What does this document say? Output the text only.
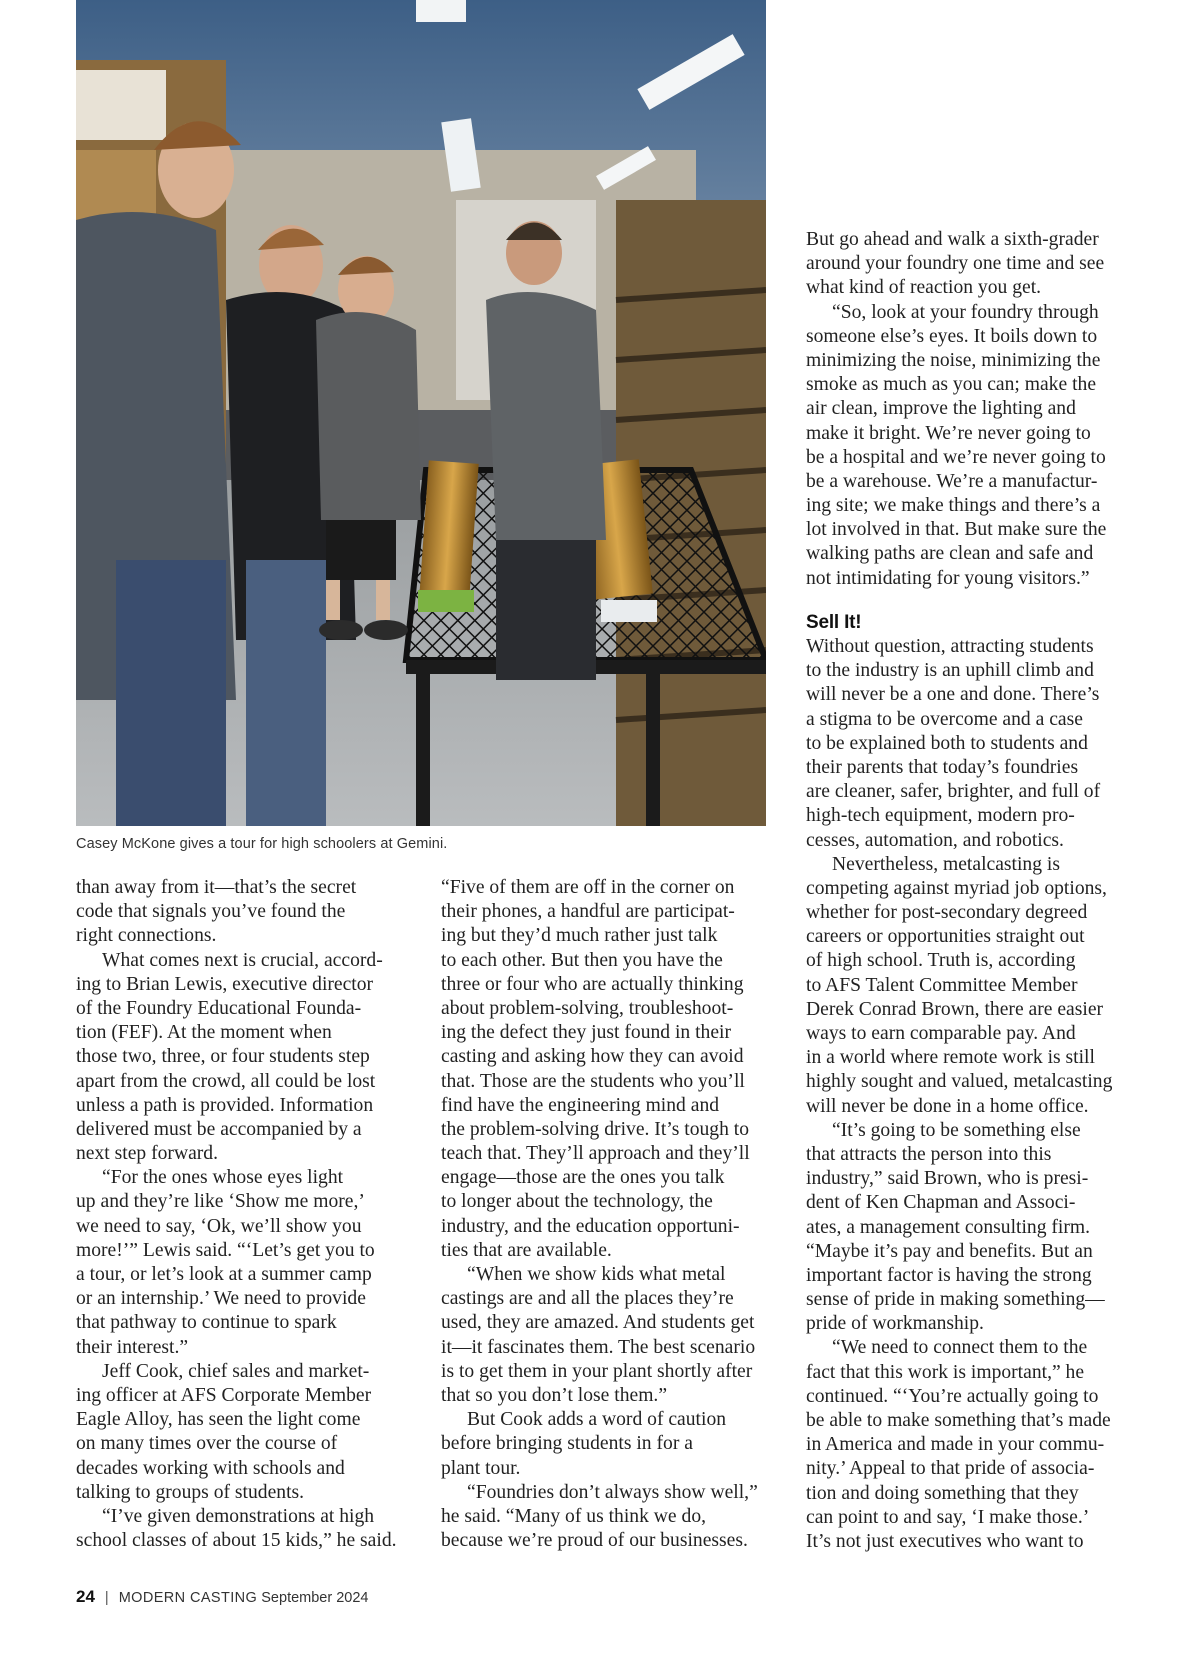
Casey McKone gives a tour for high schoolers at Gemini.
than away from it—that’s the secret
code that signals you’ve found the
right connections.
What comes next is crucial, accord-
ing to Brian Lewis, executive director
of the Foundry Educational Founda-
tion (FEF). At the moment when
those two, three, or four students step
apart from the crowd, all could be lost
unless a path is provided. Information
delivered must be accompanied by a
next step forward.
“For the ones whose eyes light
up and they’re like ‘Show me more,’
we need to say, ‘Ok, we’ll show you
more!’” Lewis said. “‘Let’s get you to
a tour, or let’s look at a summer camp
or an internship.’ We need to provide
that pathway to continue to spark
their interest.”
Jeff Cook, chief sales and market-
ing officer at AFS Corporate Member
Eagle Alloy, has seen the light come
on many times over the course of
decades working with schools and
talking to groups of students.
“I’ve given demonstrations at high
school classes of about 15 kids,” he said.
“Five of them are off in the corner on
their phones, a handful are participat-
ing but they’d much rather just talk
to each other. But then you have the
three or four who are actually thinking
about problem-solving, troubleshoot-
ing the defect they just found in their
casting and asking how they can avoid
that. Those are the students who you’ll
find have the engineering mind and
the problem-solving drive. It’s tough to
teach that. They’ll approach and they’ll
engage—those are the ones you talk
to longer about the technology, the
industry, and the education opportuni-
ties that are available.
“When we show kids what metal
castings are and all the places they’re
used, they are amazed. And students get
it—it fascinates them. The best scenario
is to get them in your plant shortly after
that so you don’t lose them.”
But Cook adds a word of caution
before bringing students in for a
plant tour.
“Foundries don’t always show well,”
he said. “Many of us think we do,
because we’re proud of our businesses.
But go ahead and walk a sixth-grader
around your foundry one time and see
what kind of reaction you get.
“So, look at your foundry through
someone else’s eyes. It boils down to
minimizing the noise, minimizing the
smoke as much as you can; make the
air clean, improve the lighting and
make it bright. We’re never going to
be a hospital and we’re never going to
be a warehouse. We’re a manufactur-
ing site; we make things and there’s a
lot involved in that. But make sure the
walking paths are clean and safe and
not intimidating for young visitors.”
Sell It!
Without question, attracting students
to the industry is an uphill climb and
will never be a one and done. There’s
a stigma to be overcome and a case
to be explained both to students and
their parents that today’s foundries
are cleaner, safer, brighter, and full of
high-tech equipment, modern pro-
cesses, automation, and robotics.
Nevertheless, metalcasting is
competing against myriad job options,
whether for post-secondary degreed
careers or opportunities straight out
of high school. Truth is, according
to AFS Talent Committee Member
Derek Conrad Brown, there are easier
ways to earn comparable pay. And
in a world where remote work is still
highly sought and valued, metalcasting
will never be done in a home office.
“It’s going to be something else
that attracts the person into this
industry,” said Brown, who is presi-
dent of Ken Chapman and Associ-
ates, a management consulting firm.
“Maybe it’s pay and benefits. But an
important factor is having the strong
sense of pride in making something—
pride of workmanship.
“We need to connect them to the
fact that this work is important,” he
continued. “‘You’re actually going to
be able to make something that’s made
in America and made in your commu-
nity.’ Appeal to that pride of associa-
tion and doing something that they
can point to and say, ‘I make those.’
It’s not just executives who want to
24 | MODERN CASTING September 2024
